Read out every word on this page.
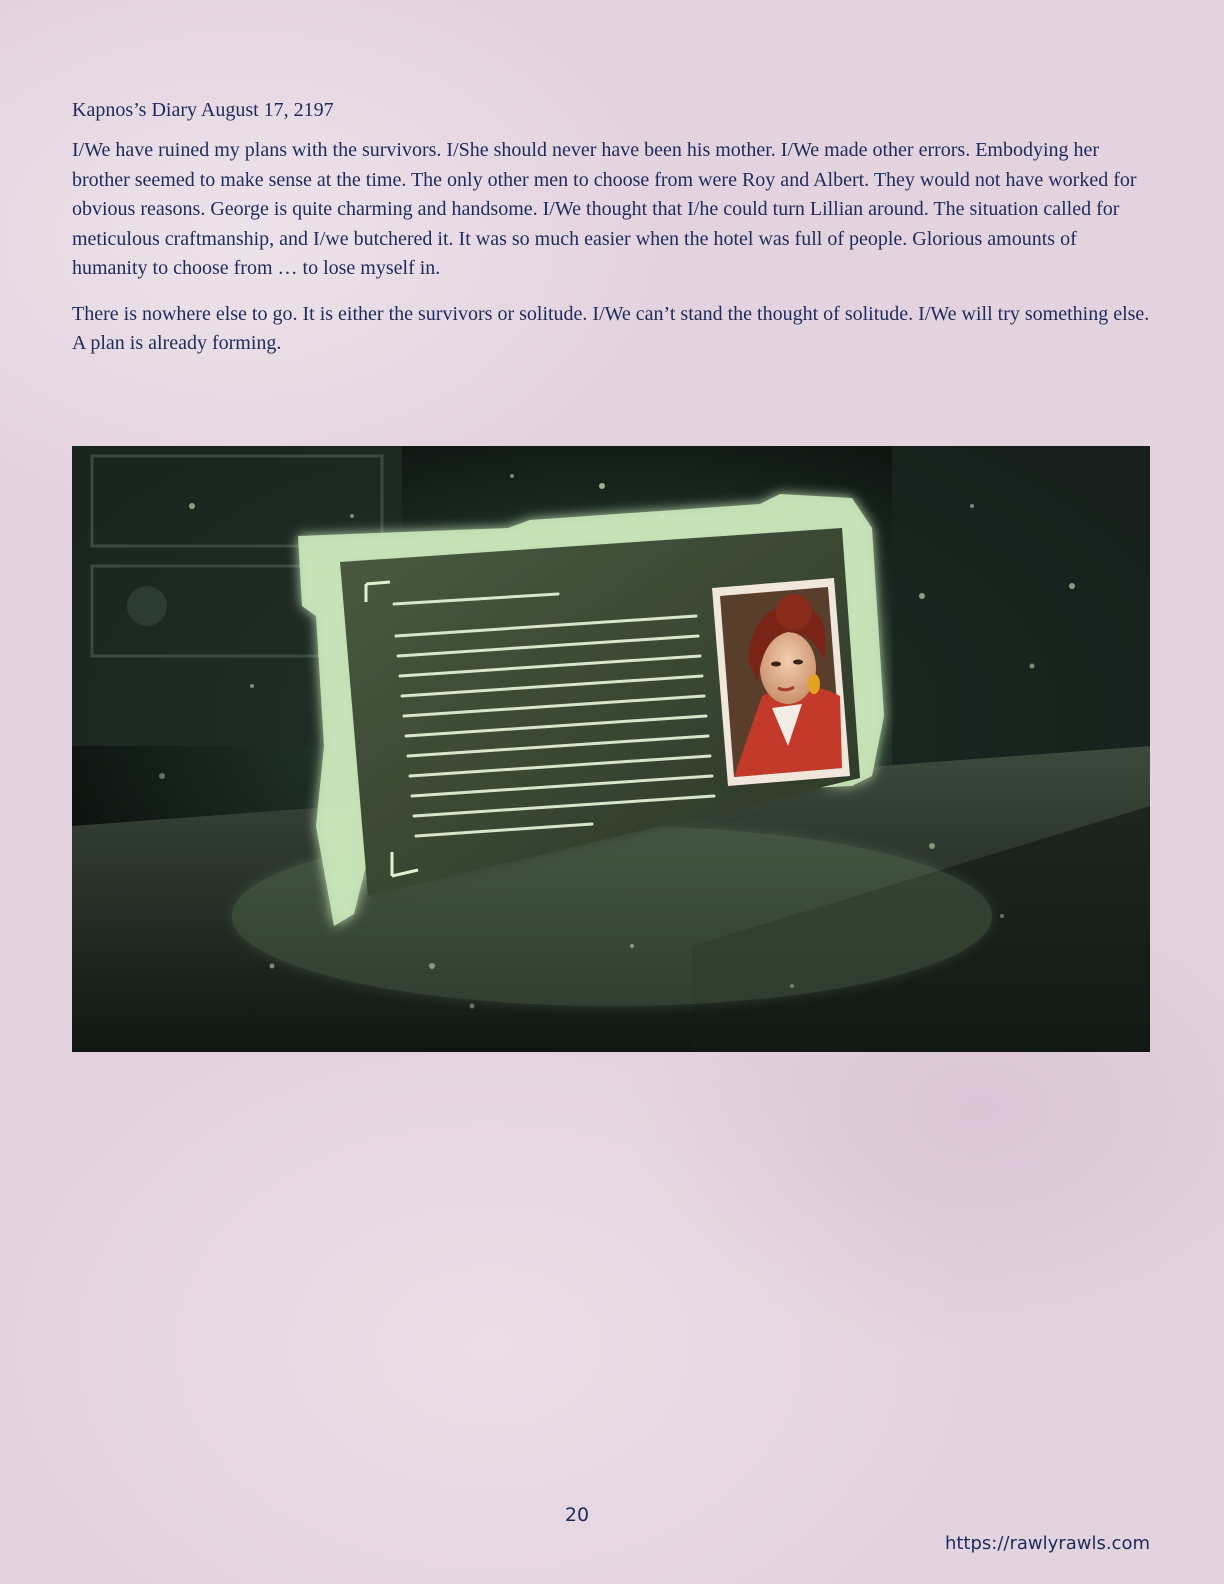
Kapnos’s Diary August 17, 2197

I/We have ruined my plans with the survivors. I/She should never have been his mother. I/We made other errors. Embodying her brother seemed to make sense at the time. The only other men to choose from were Roy and Albert. They would not have worked for obvious reasons. George is quite charming and handsome. I/We thought that I/he could turn Lillian around. The situation called for meticulous craftmanship, and I/we butchered it. It was so much easier when the hotel was full of people. Glorious amounts of humanity to choose from … to lose myself in.

There is nowhere else to go. It is either the survivors or solitude. I/We can’t stand the thought of solitude. I/We will try something else. A plan is already forming.

20
https://rawlyrawls.com
